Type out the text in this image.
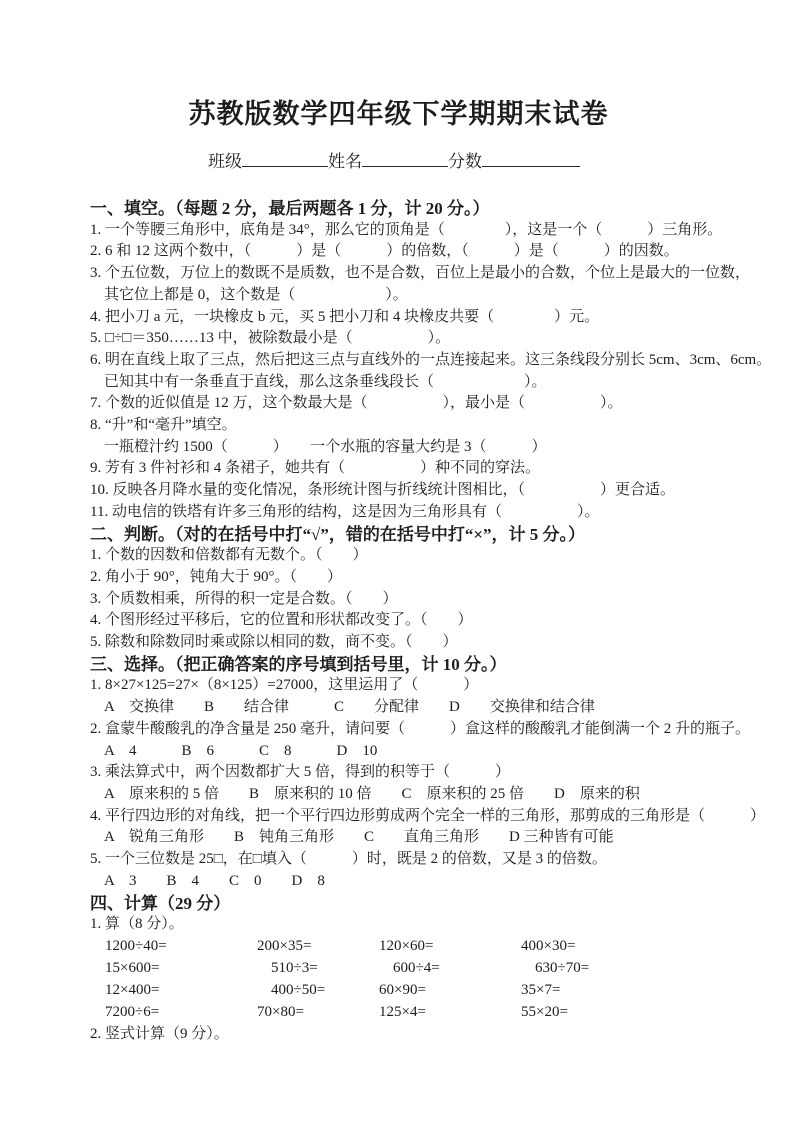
苏教版数学四年级下学期期末试卷
班级	姓名	分数
一、填空。（每题 2 分，最后两题各 1 分，计 20 分。）
1. 一个等腰三角形中，底角是 34°，那么它的顶角是（　　　　），这是一个（　　　）三角形。
2. 6 和 12 这两个数中，（　　　）是（　　　）的倍数，（　　　）是（　　　）的因数。
3. 个五位数，万位上的数既不是质数，也不是合数，百位上是最小的合数，个位上是最大的一位数，
其它位上都是 0，这个数是（　　　　　　）。
4. 把小刀 a 元，一块橡皮 b 元，买 5 把小刀和 4 块橡皮共要（　　　　）元。
5. □÷□＝350……13 中，被除数最小是（　　　　　）。
6. 明在直线上取了三点，然后把这三点与直线外的一点连接起来。这三条线段分别长 5cm、3cm、6cm。
已知其中有一条垂直于直线，那么这条垂线段长（　　　　　　）。
7. 个数的近似值是 12 万，这个数最大是（　　　　　），最小是（　　　　　）。
8. “升”和“毫升”填空。
一瓶橙汁约 1500（　　　）　　一个水瓶的容量大约是 3（　　　）
9. 芳有 3 件衬衫和 4 条裙子，她共有（　　　　　）种不同的穿法。
10. 反映各月降水量的变化情况，条形统计图与折线统计图相比，（　　　　　）更合适。
11. 动电信的铁塔有许多三角形的结构，这是因为三角形具有（　　　　　）。
二、判断。（对的在括号中打“√”，错的在括号中打“×”，计 5 分。）
1. 个数的因数和倍数都有无数个。（　　）
2. 角小于 90°，钝角大于 90°。（　　）
3. 个质数相乘，所得的积一定是合数。（　　）
4. 个图形经过平移后，它的位置和形状都改变了。（　　）
5. 除数和除数同时乘或除以相同的数，商不变。（　　）
三、选择。（把正确答案的序号填到括号里，计 10 分。）
1. 8×27×125=27×（8×125）=27000，这里运用了（　　　）
A　交换律　　B　　结合律　　　C　　分配律　　D　　交换律和结合律
2. 盒蒙牛酸酸乳的净含量是 250 毫升，请问要（　　　）盒这样的酸酸乳才能倒满一个 2 升的瓶子。
A　4　　　B　6　　　C　8　　　D　10
3. 乘法算式中，两个因数都扩大 5 倍，得到的积等于（　　　）
A　原来积的 5 倍　　B　原来积的 10 倍　　C　原来积的 25 倍　　D　原来的积
4. 平行四边形的对角线，把一个平行四边形剪成两个完全一样的三角形，那剪成的三角形是（　　　）
A　锐角三角形　　B　钝角三角形　　C　　直角三角形　　D 三种皆有可能
5. 一个三位数是 25□，在□填入（　　　）时，既是 2 的倍数，又是 3 的倍数。
A　3　　B　4　　C　0　　D　8
四、计算（29 分）
1. 算（8 分）。
1200÷40=	200×35=	120×60=	400×30=
15×600=	510÷3=	600÷4=	630÷70=
12×400=	400÷50=	60×90=	35×7=
7200÷6=	70×80=	125×4=	55×20=
2. 竖式计算（9 分）。
